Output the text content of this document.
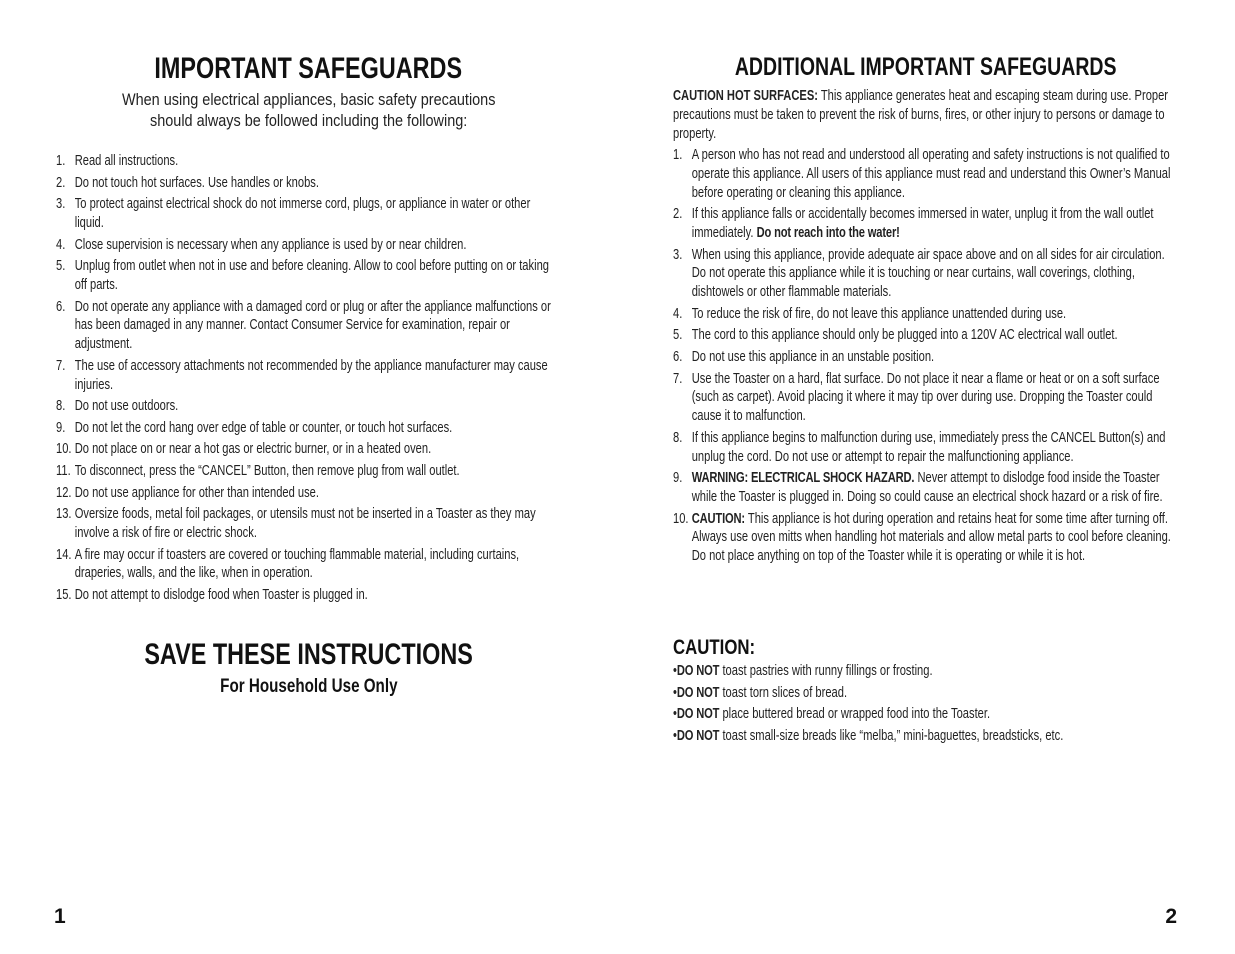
IMPORTANT SAFEGUARDS
When using electrical appliances, basic safety precautions
should always be followed including the following:
1. Read all instructions.
2. Do not touch hot surfaces. Use handles or knobs.
3. To protect against electrical shock do not immerse cord, plugs, or appliance in water or other liquid.
4. Close supervision is necessary when any appliance is used by or near children.
5. Unplug from outlet when not in use and before cleaning. Allow to cool before putting on or taking off parts.
6. Do not operate any appliance with a damaged cord or plug or after the appliance malfunctions or has been damaged in any manner. Contact Consumer Service for examination, repair or adjustment.
7. The use of accessory attachments not recommended by the appliance manufacturer may cause injuries.
8. Do not use outdoors.
9. Do not let the cord hang over edge of table or counter, or touch hot surfaces.
10. Do not place on or near a hot gas or electric burner, or in a heated oven.
11. To disconnect, press the “CANCEL” Button, then remove plug from wall outlet.
12. Do not use appliance for other than intended use.
13. Oversize foods, metal foil packages, or utensils must not be inserted in a Toaster as they may involve a risk of fire or electric shock.
14. A fire may occur if toasters are covered or touching flammable material, including curtains, draperies, walls, and the like, when in operation.
15. Do not attempt to dislodge food when Toaster is plugged in.
SAVE THESE INSTRUCTIONS
For Household Use Only
1
ADDITIONAL IMPORTANT SAFEGUARDS
CAUTION HOT SURFACES: This appliance generates heat and escaping steam during use. Proper precautions must be taken to prevent the risk of burns, fires, or other injury to persons or damage to property.
1. A person who has not read and understood all operating and safety instructions is not qualified to operate this appliance. All users of this appliance must read and understand this Owner’s Manual before operating or cleaning this appliance.
2. If this appliance falls or accidentally becomes immersed in water, unplug it from the wall outlet immediately. Do not reach into the water!
3. When using this appliance, provide adequate air space above and on all sides for air circulation. Do not operate this appliance while it is touching or near curtains, wall coverings, clothing, dishtowels or other flammable materials.
4. To reduce the risk of fire, do not leave this appliance unattended during use.
5. The cord to this appliance should only be plugged into a 120V AC electrical wall outlet.
6. Do not use this appliance in an unstable position.
7. Use the Toaster on a hard, flat surface. Do not place it near a flame or heat or on a soft surface (such as carpet). Avoid placing it where it may tip over during use. Dropping the Toaster could cause it to malfunction.
8. If this appliance begins to malfunction during use, immediately press the CANCEL Button(s) and unplug the cord. Do not use or attempt to repair the malfunctioning appliance.
9. WARNING: ELECTRICAL SHOCK HAZARD. Never attempt to dislodge food inside the Toaster while the Toaster is plugged in. Doing so could cause an electrical shock hazard or a risk of fire.
10. CAUTION: This appliance is hot during operation and retains heat for some time after turning off. Always use oven mitts when handling hot materials and allow metal parts to cool before cleaning. Do not place anything on top of the Toaster while it is operating or while it is hot.
CAUTION:
•DO NOT toast pastries with runny fillings or frosting.
•DO NOT toast torn slices of bread.
•DO NOT place buttered bread or wrapped food into the Toaster.
•DO NOT toast small-size breads like “melba,” mini-baguettes, breadsticks, etc.
2
